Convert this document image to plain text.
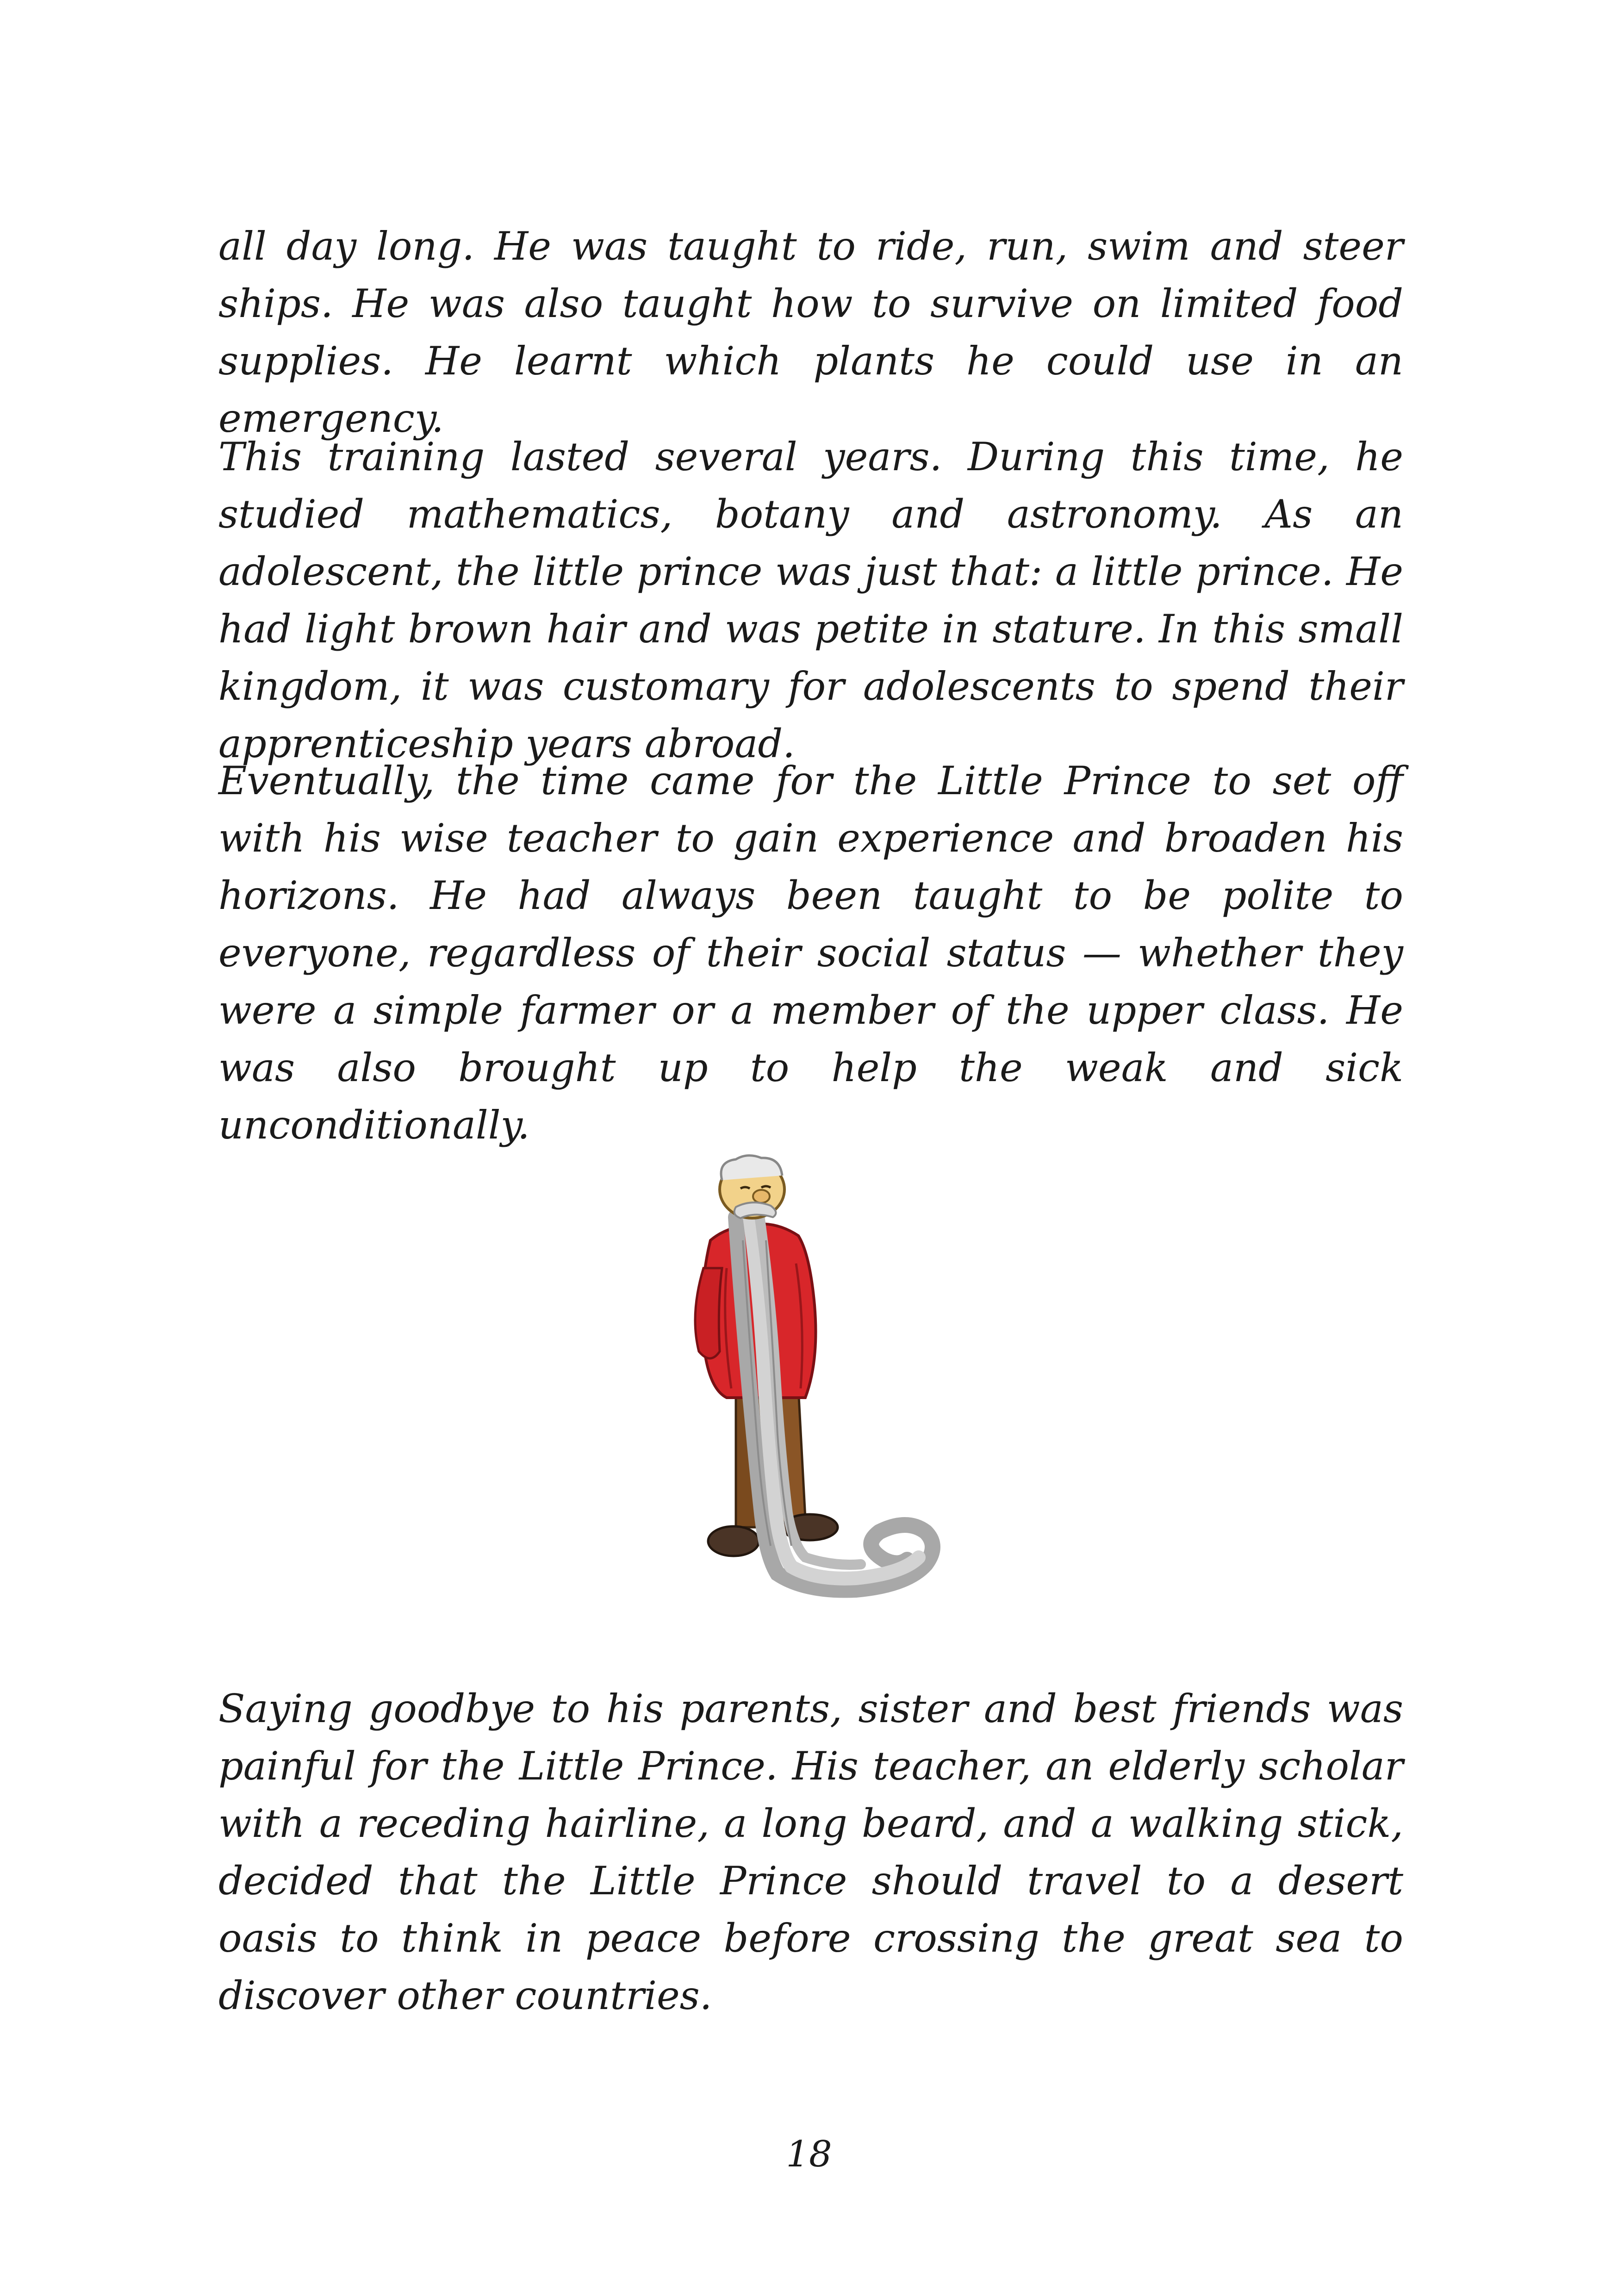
all day long. He was taught to ride, run, swim and steer ships. He was also taught how to survive on limited food supplies. He learnt which plants he could use in an emergency.

This training lasted several years. During this time, he studied mathematics, botany and astronomy. As an adolescent, the little prince was just that: a little prince. He had light brown hair and was petite in stature. In this small kingdom, it was customary for adolescents to spend their apprenticeship years abroad.

Eventually, the time came for the Little Prince to set off with his wise teacher to gain experience and broaden his horizons. He had always been taught to be polite to everyone, regardless of their social status — whether they were a simple farmer or a member of the upper class. He was also brought up to help the weak and sick unconditionally.

Saying goodbye to his parents, sister and best friends was painful for the Little Prince. His teacher, an elderly scholar with a receding hairline, a long beard, and a walking stick, decided that the Little Prince should travel to a desert oasis to think in peace before crossing the great sea to discover other countries.

18
